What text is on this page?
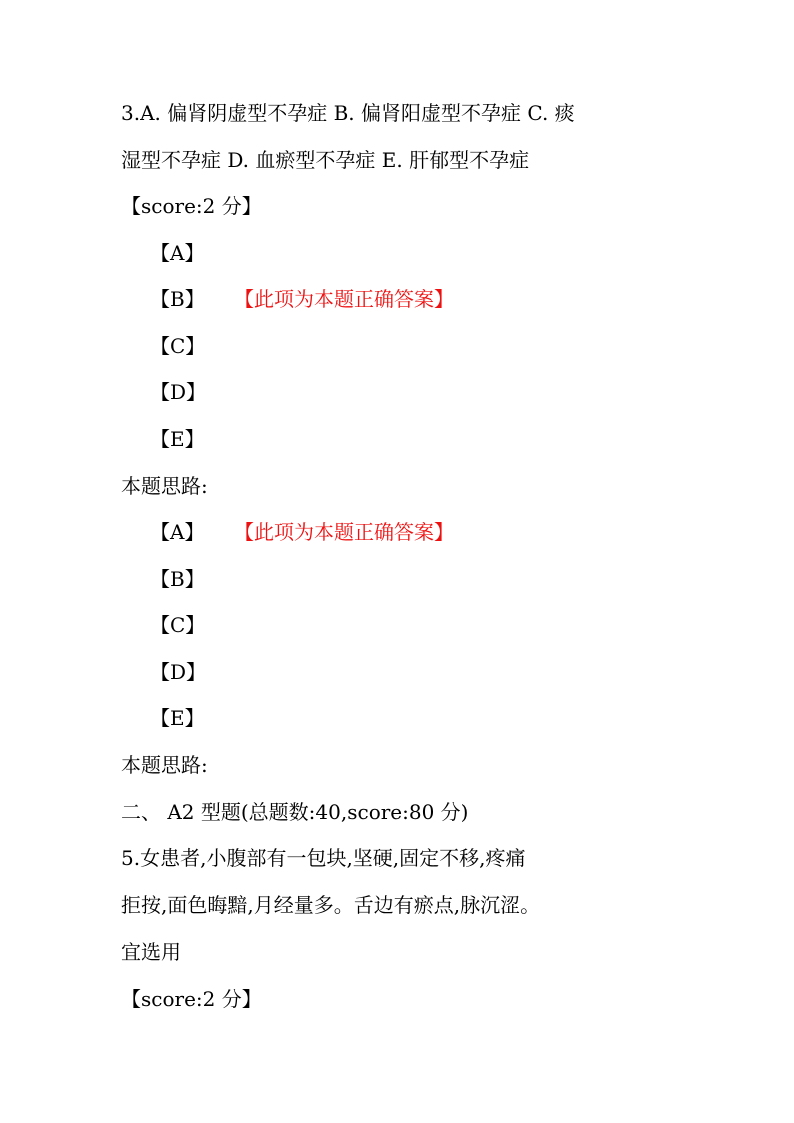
3.A. 偏肾阴虚型不孕症 B. 偏肾阳虚型不孕症 C. 痰
湿型不孕症 D. 血瘀型不孕症 E. 肝郁型不孕症
【score:2 分】
【A】
【B】 【此项为本题正确答案】
【C】
【D】
【E】
本题思路:
【A】 【此项为本题正确答案】
【B】
【C】
【D】
【E】
本题思路:
二、 A2 型题(总题数:40,score:80 分)
5.女患者,小腹部有一包块,坚硬,固定不移,疼痛
拒按,面色晦黯,月经量多。舌边有瘀点,脉沉涩。
宜选用
【score:2 分】
